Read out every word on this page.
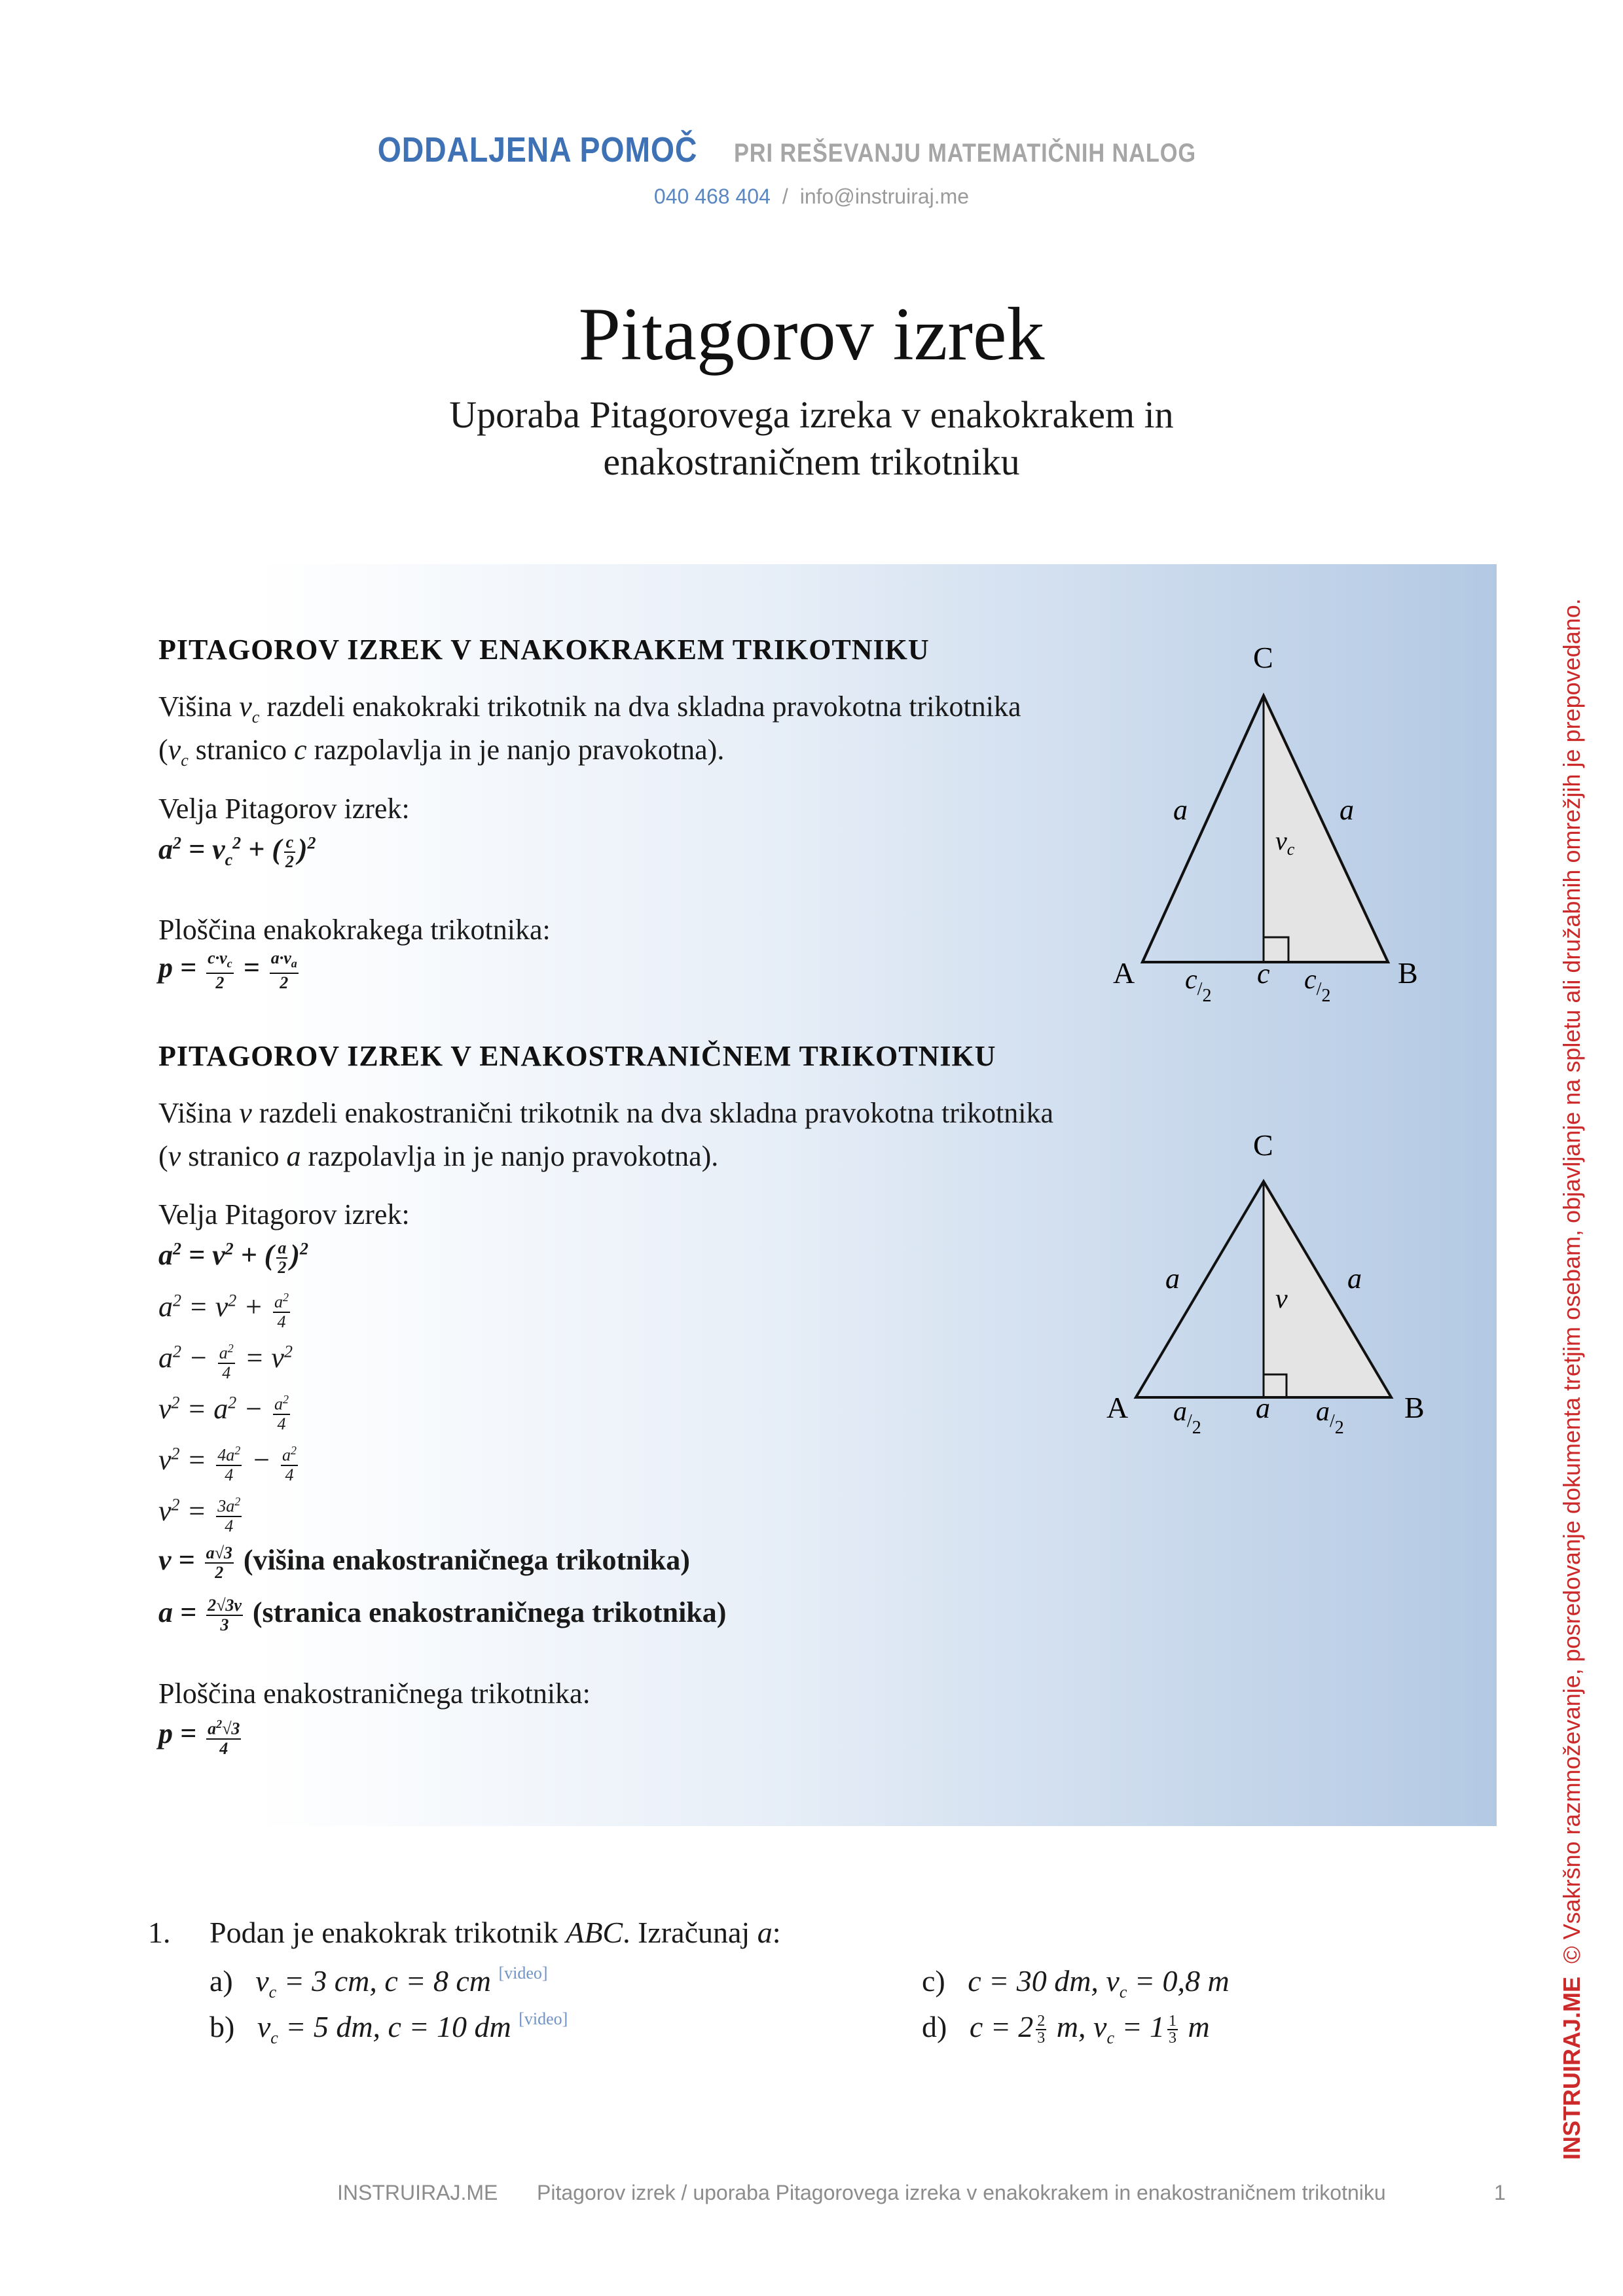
ODDALJENA POMOČ PRI REŠEVANJU MATEMATIČNIH NALOG
040 468 404 / info@instruiraj.me
Pitagorov izrek
Uporaba Pitagorovega izreka v enakokrakem in
enakostraničnem trikotniku
PITAGOROV IZREK V ENAKOKRAKEM TRIKOTNIKU
Višina $v_c$ razdeli enakokraki trikotnik na dva skladna pravokotna trikotnika
($v_c$ stranico c razpolavlja in je nanjo pravokotna).
Velja Pitagorov izrek:
$a^2 = v_c^2$ + ( $\frac{c}{2} )^2$
Ploščina enakokrakega trikotnika:
$p = \frac{c\cdot v_c}{2} = \frac{a\cdot v_a}{2}$
C
A	B
a	a
$v_c$
c
$c_{/2}$
$c_{/2}$
PITAGOROV IZREK V ENAKOSTRANIČNEM TRIKOTNIKU
Višina v razdeli enakostranični trikotnik na dva skladna pravokotna trikotnika
(v stranico a razpolavlja in je nanjo pravokotna).
Velja Pitagorov izrek:
$a^2 = v^2$ + ( $\frac{a}{2} )^2$
$a^2 = v^2 + \frac{a^2}{4}$
$a^2 - \frac{a^2}{4} = v^2$
$v^2 = a^2 - \frac{a^2}{4}$
$v^2 = \frac{4a^2}{4} - \frac{a^2}{4}$
$v^2 = \frac{3a^2}{4}$
$v = \frac{a√3}{2}$ (višina enakostraničnega trikotnika)
$a = \frac{2√3v}{3}$ (stranica enakostraničnega trikotnika)
Ploščina enakostraničnega trikotnika:
$p = \frac{a^2√3}{4}$
C
A	B
a	a
v
a
$a_{/2}$
$a_{/2}$
1. Podan je enakokrak trikotnik ABC. Izračunaj a:
a) $v_c = 3$ cm, c = 8 cm [video]
b) $v_c = 5$ dm, c = 10 dm [video]
c) c = 30 dm, $v_c = 0,8$ m
d) $c = 2 \frac{2}{3} m$, $v_c = 1 \frac{1}{3}$ m
INSTRUIRAJ.ME Pitagorov izrek / uporaba Pitagorovega izreka v enakokrakem in enakostraničnem trikotniku	1
INSTRUIRAJ.ME  © Vsakršno razmnoževanje, posredovanje dokumenta tretjim osebam, objavljanje na spletu ali družabnih omrežjih je prepovedano.
